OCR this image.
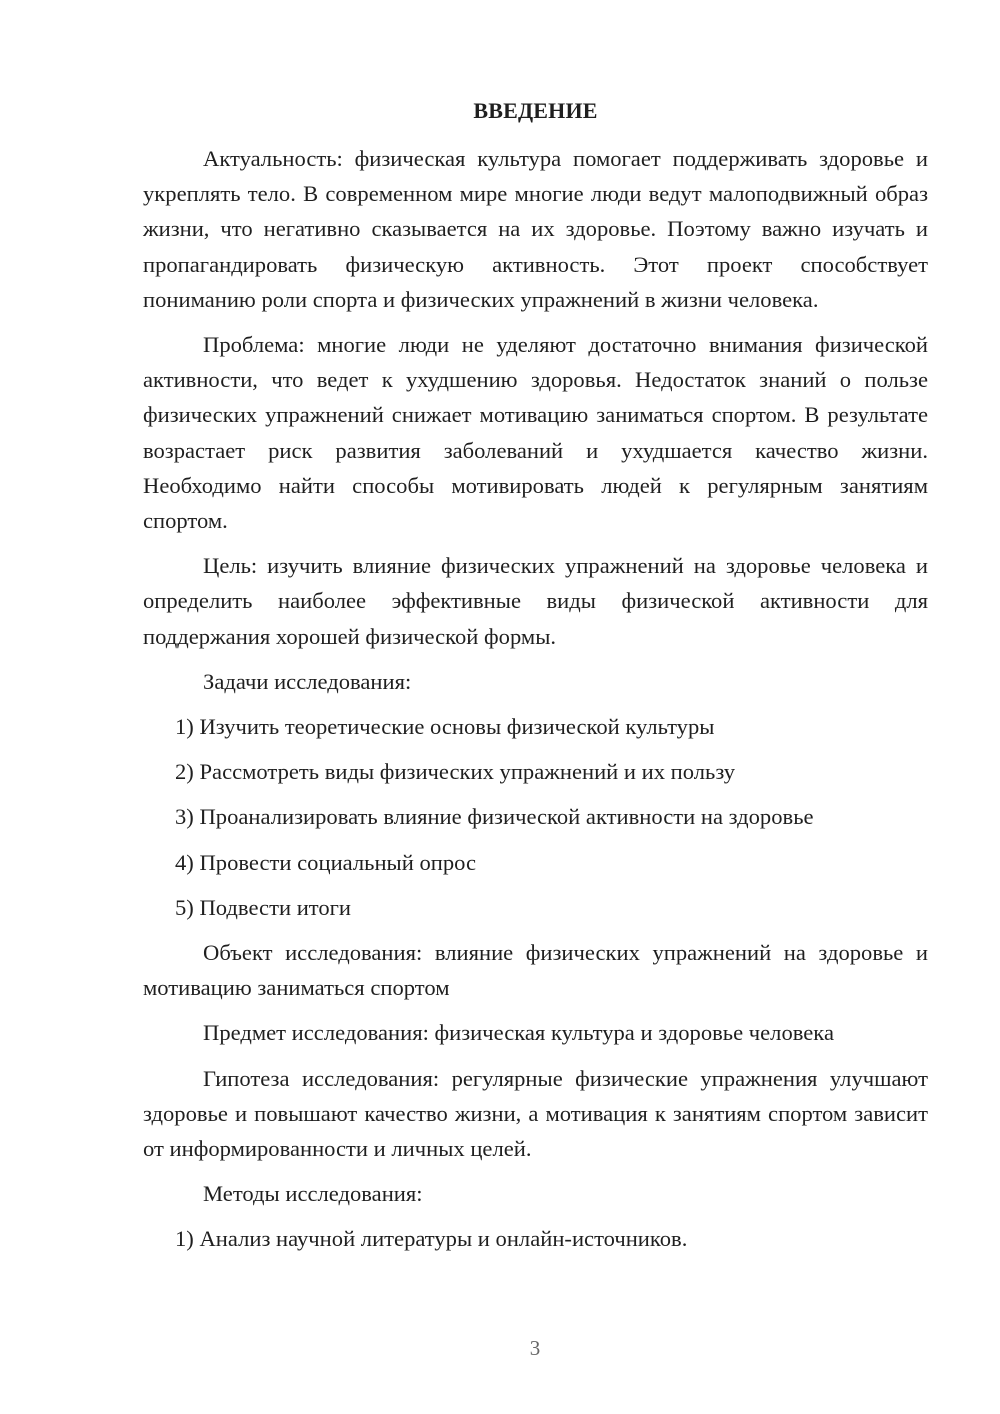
ВВЕДЕНИЕ

Актуальность: физическая культура помогает поддерживать здоровье и укреплять тело. В современном мире многие люди ведут малоподвижный образ жизни, что негативно сказывается на их здоровье. Поэтому важно изучать и пропагандировать физическую активность. Этот проект способствует пониманию роли спорта и физических упражнений в жизни человека.

Проблема: многие люди не уделяют достаточно внимания физической активности, что ведет к ухудшению здоровья. Недостаток знаний о пользе физических упражнений снижает мотивацию заниматься спортом. В результате возрастает риск развития заболеваний и ухудшается качество жизни. Необходимо найти способы мотивировать людей к регулярным занятиям спортом.

Цель: изучить влияние физических упражнений на здоровье человека и определить наиболее эффективные виды физической активности для поддержания хорошей физической формы.

Задачи исследования:

1) Изучить теоретические основы физической культуры
2) Рассмотреть виды физических упражнений и их пользу
3) Проанализировать влияние физической активности на здоровье
4) Провести социальный опрос
5) Подвести итоги

Объект исследования: влияние физических упражнений на здоровье и мотивацию заниматься спортом

Предмет исследования: физическая культура и здоровье человека

Гипотеза исследования: регулярные физические упражнения улучшают здоровье и повышают качество жизни, а мотивация к занятиям спортом зависит от информированности и личных целей.

Методы исследования:

1) Анализ научной литературы и онлайн-источников.
3
